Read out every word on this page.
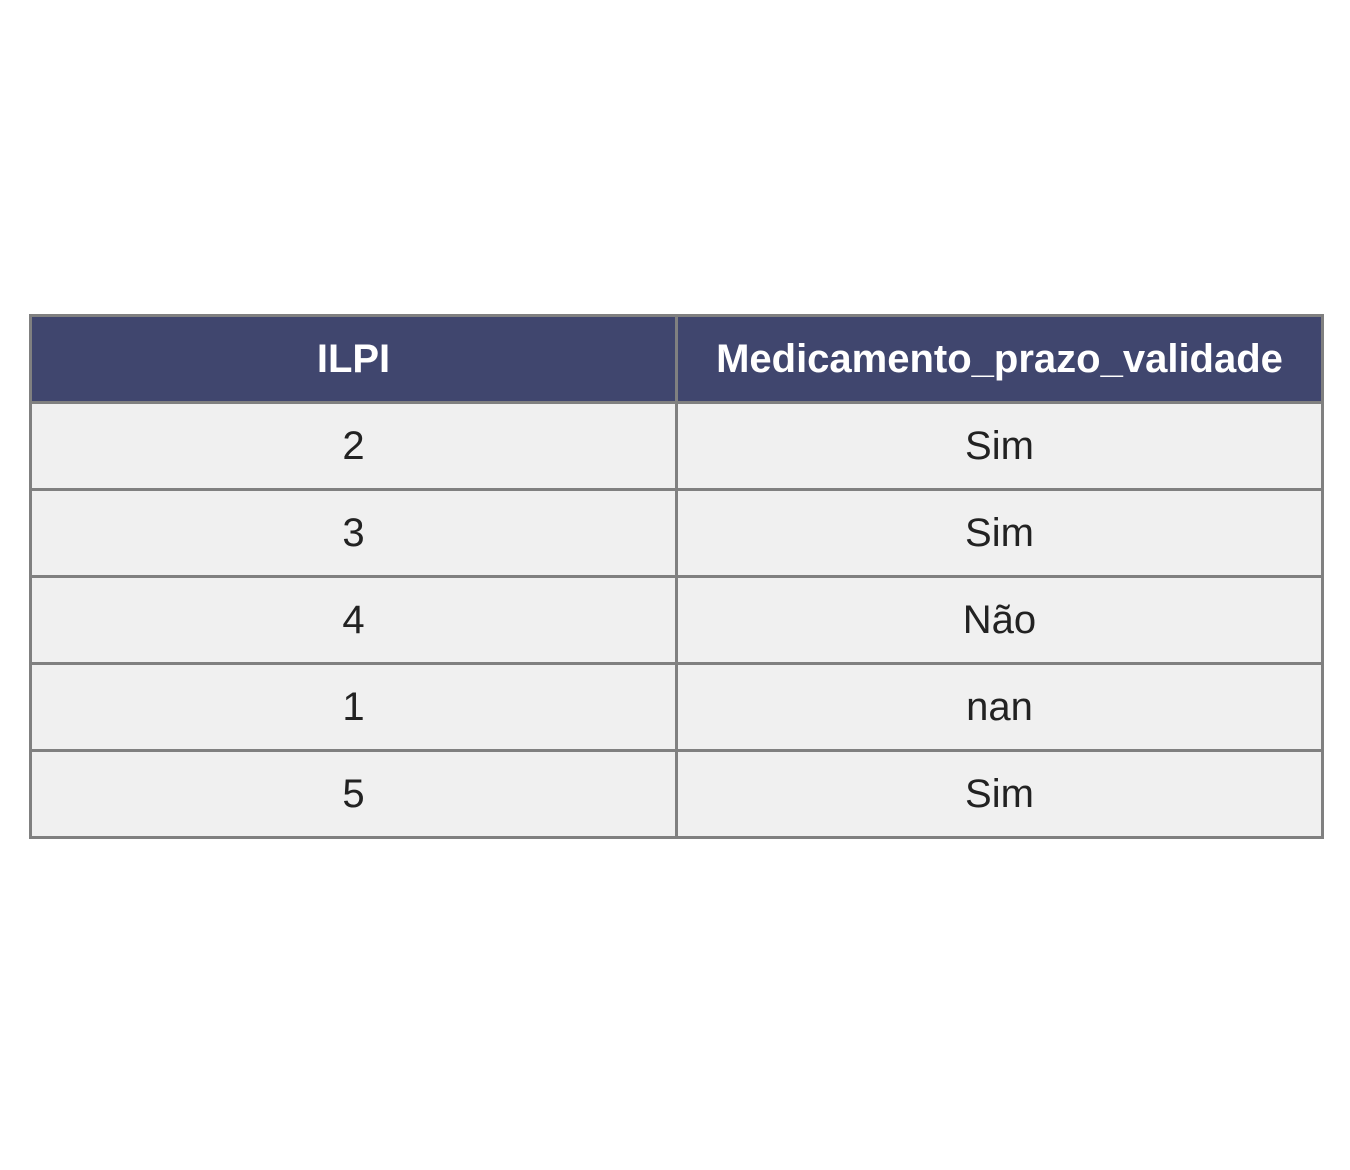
ILPI	Medicamento_prazo_validade
2	Sim
3	Sim
4	Não
1	nan
5	Sim
